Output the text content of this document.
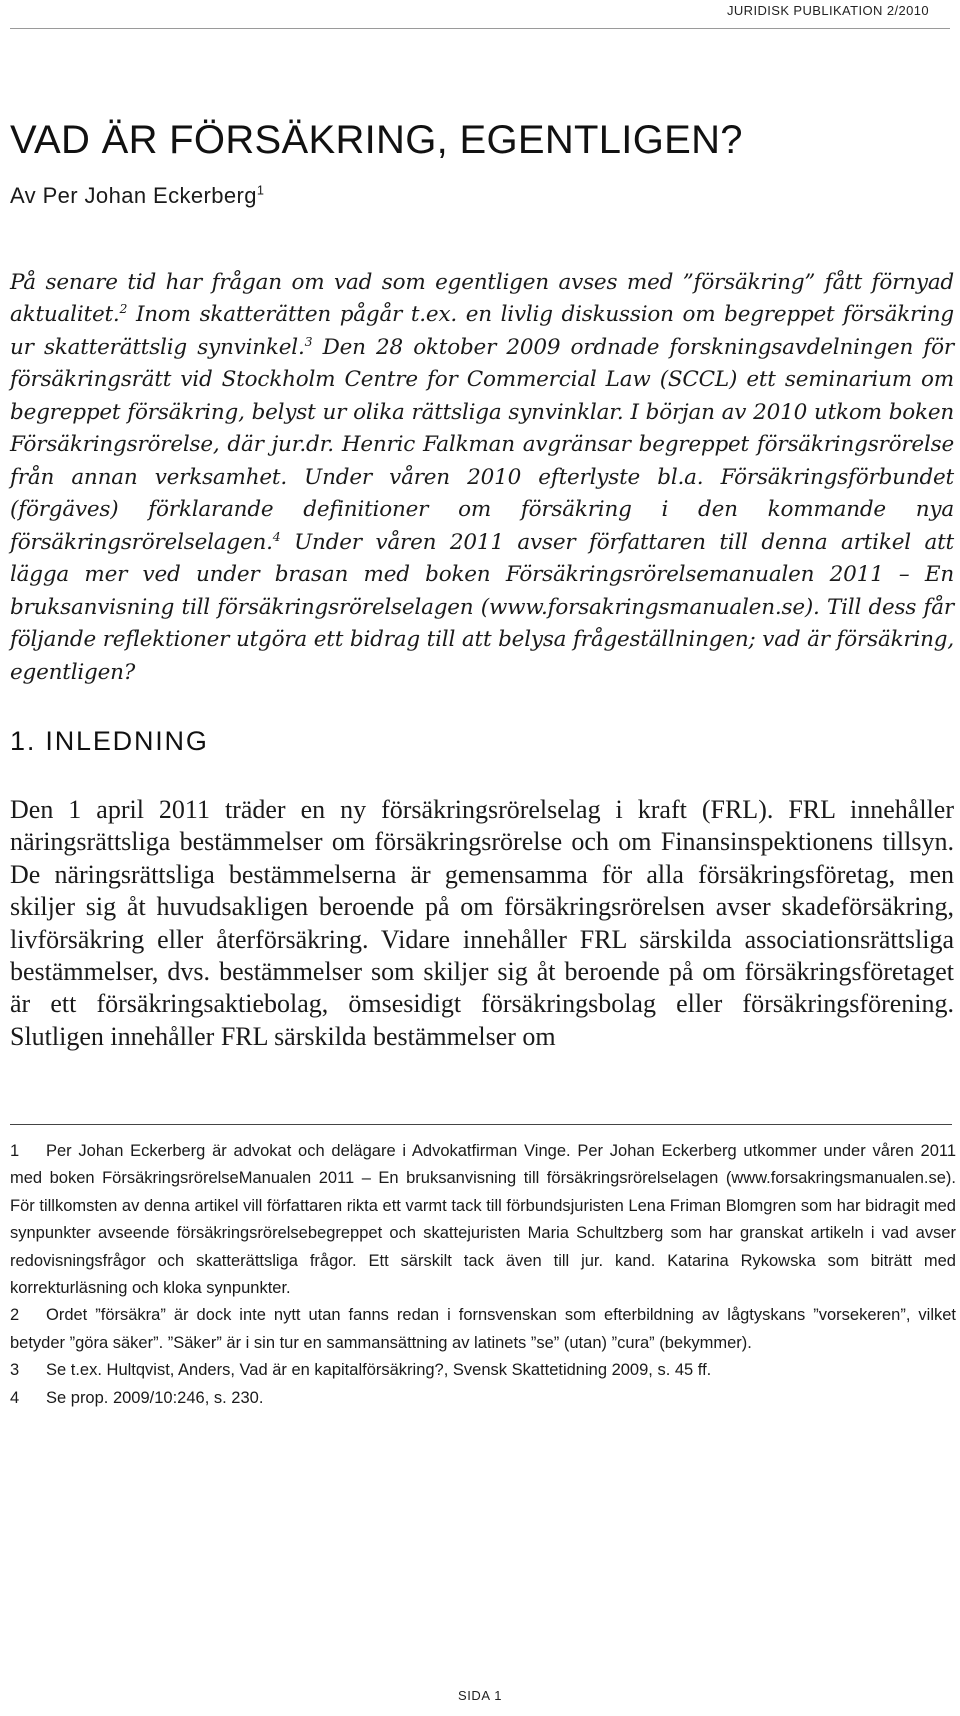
JURIDISK PUBLIKATION 2/2010
VAD ÄR FÖRSÄKRING, EGENTLIGEN?
Av Per Johan Eckerberg$^1$

På senare tid har frågan om vad som egentligen avses med ”försäkring” fått förnyad aktualitet.$^2$ Inom skatterätten pågår t.ex. en livlig diskussion om begreppet försäkring ur skatterättslig synvinkel.$^3$ Den 28 oktober 2009 ordnade forskningsavdelningen för försäkringsrätt vid Stockholm Centre for Commercial Law (SCCL) ett seminarium om begreppet försäkring, belyst ur olika rättsliga synvinklar. I början av 2010 utkom boken Försäkringsrörelse, där jur.dr. Henric Falkman avgränsar begreppet försäkringsrörelse från annan verksamhet. Under våren 2010 efterlyste bl.a. Försäkringsförbundet (förgäves) förklarande definitioner om försäkring i den kommande nya försäkringsrörelselagen.$^4$ Under våren 2011 avser författaren till denna artikel att lägga mer ved under brasan med boken Försäkringsrörelsemanualen 2011 – En bruksanvisning till försäkringsrörelselagen (www.forsakringsmanualen.se). Till dess får följande reflektioner utgöra ett bidrag till att belysa frågeställningen; vad är försäkring, egentligen?

1. INLEDNING

Den 1 april 2011 träder en ny försäkringsrörelselag i kraft (FRL). FRL innehåller näringsrättsliga bestämmelser om försäkringsrörelse och om Finansinspektionens tillsyn. De näringsrättsliga bestämmelserna är gemensamma för alla försäkringsföretag, men skiljer sig åt huvudsakligen beroende på om försäkringsrörelsen avser skadeförsäkring, livförsäkring eller återförsäkring. Vidare innehåller FRL särskilda associationsrättsliga bestämmelser, dvs. bestämmelser som skiljer sig åt beroende på om försäkringsföretaget är ett försäkringsaktiebolag, ömsesidigt försäkringsbolag eller försäkringsförening. Slutligen innehåller FRL särskilda bestämmelser om

1 Per Johan Eckerberg är advokat och delägare i Advokatfirman Vinge. Per Johan Eckerberg utkommer under våren 2011 med boken FörsäkringsrörelseManualen 2011 – En bruksanvisning till försäkringsrörelselagen (www.forsakringsmanualen.se). För tillkomsten av denna artikel vill författaren rikta ett varmt tack till förbundsjuristen Lena Friman Blomgren som har bidragit med synpunkter avseende försäkringsrörelsebegreppet och skattejuristen Maria Schultzberg som har granskat artikeln i vad avser redovisningsfrågor och skatterättsliga frågor. Ett särskilt tack även till jur. kand. Katarina Rykowska som biträtt med korrekturläsning och kloka synpunkter.

2 Ordet ”försäkra” är dock inte nytt utan fanns redan i fornsvenskan som efterbildning av lågtyskans ”vorsekeren”, vilket betyder ”göra säker”. ”Säker” är i sin tur en sammansättning av latinets ”se” (utan) ”cura” (bekymmer).

3 Se t.ex. Hultqvist, Anders, Vad är en kapitalförsäkring?, Svensk Skattetidning 2009, s. 45 ff.

4 Se prop. 2009/10:246, s. 230.

SIDA 1
